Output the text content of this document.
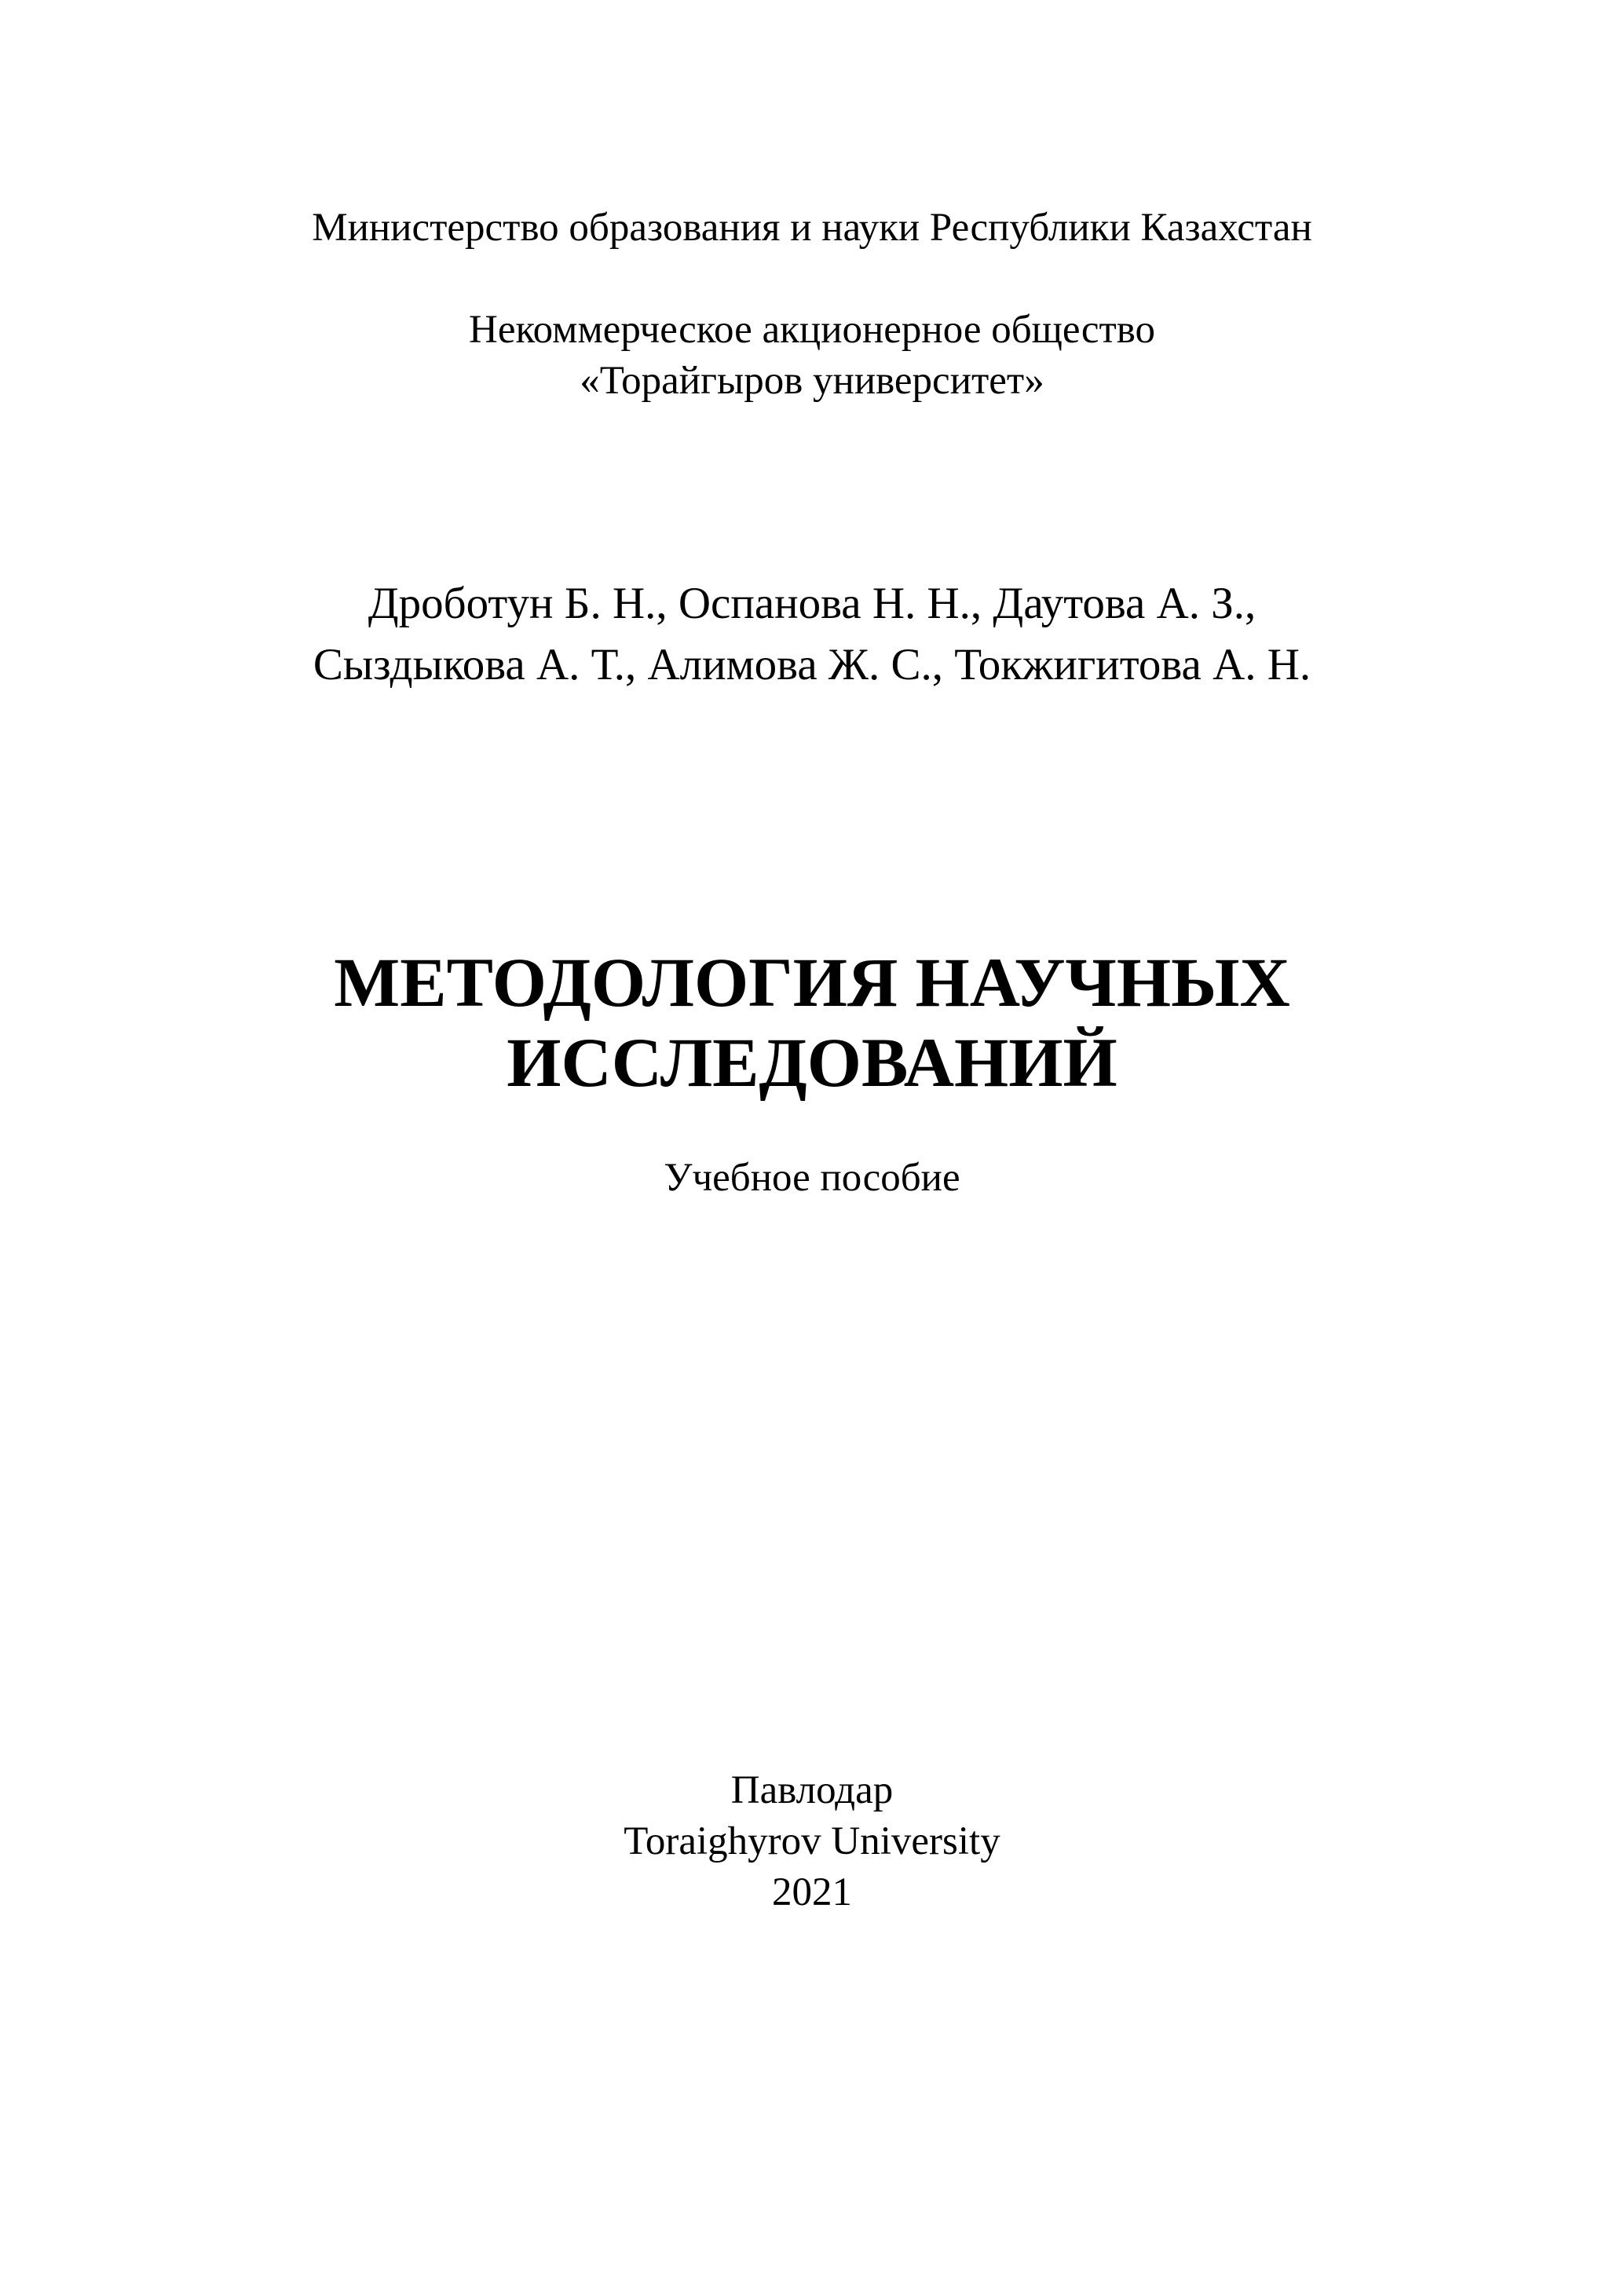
Министерство образования и науки Республики Казахстан
Некоммерческое акционерное общество
«Торайгыров университет»
Дроботун Б. Н., Оспанова Н. Н., Даутова А. З.,
Сыздыкова А. Т., Алимова Ж. С., Токжигитова А. Н.
МЕТОДОЛОГИЯ НАУЧНЫХ
ИССЛЕДОВАНИЙ
Учебное пособие
Павлодар
Toraighyrov University
2021
